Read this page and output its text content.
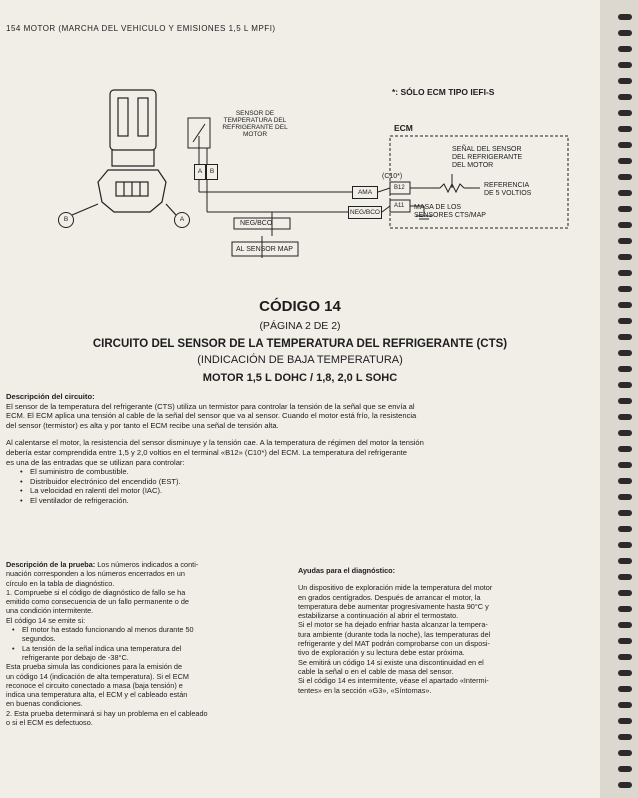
154 MOTOR (MARCHA DEL VEHICULO Y EMISIONES 1,5 L MPFI)
*: SÓLO ECM TIPO IEFI-S
SENSOR DE
TEMPERATURA DEL
REFRIGERANTE DEL
MOTOR
A	B
B	A
ECM
SEÑAL DEL SENSOR
DEL REFRIGERANTE
DEL MOTOR
REFERENCIA
DE 5 VOLTIOS
MASA DE LOS
SENSORES CTS/MAP
AMA
NEG/BCO
(C10*)
B12
A11
NEG/BCO
AL SENSOR MAP
CÓDIGO 14
(PÁGINA 2 DE 2)
CIRCUITO DEL SENSOR DE LA TEMPERATURA DEL REFRIGERANTE (CTS)
(INDICACIÓN DE BAJA TEMPERATURA)
MOTOR 1,5 L DOHC / 1,8, 2,0 L SOHC
Descripción del circuito:
El sensor de la temperatura del refrigerante (CTS) utiliza un termistor para controlar la tensión de la señal que se envía al
ECM. El ECM aplica una tensión al cable de la señal del sensor que va al sensor. Cuando el motor está frío, la resistencia
del sensor (termistor) es alta y por tanto el ECM recibe una señal de tensión alta.
Al calentarse el motor, la resistencia del sensor disminuye y la tensión cae. A la temperatura de régimen del motor la tensión
debería estar comprendida entre 1,5 y 2,0 voltios en el terminal «B12» (C10*) del ECM. La temperatura del refrigerante
es una de las entradas que se utilizan para controlar:
• El suministro de combustible.
• Distribuidor electrónico del encendido (EST).
• La velocidad en ralentí del motor (IAC).
• El ventilador de refrigeración.
Descripción de la prueba: Los números indicados a conti-
nuación corresponden a los números encerrados en un
círculo en la tabla de diagnóstico.
1. Compruebe si el código de diagnóstico de fallo se ha
emitido como consecuencia de un fallo permanente o de
una condición intermitente.
El código 14 se emite si:
• El motor ha estado funcionando al menos durante 50
segundos.
• La tensión de la señal indica una temperatura del
refrigerante por debajo de -38°C.
Esta prueba simula las condiciones para la emisión de
un código 14 (indicación de alta temperatura). Si el ECM
reconoce el circuito conectado a masa (baja tensión) e
indica una temperatura alta, el ECM y el cableado están
en buenas condiciones.
2. Esta prueba determinará si hay un problema en el cableado
o si el ECM es defectuoso.
Ayudas para el diagnóstico:
Un dispositivo de exploración mide la temperatura del motor
en grados centígrados. Después de arrancar el motor, la
temperatura debe aumentar progresivamente hasta 90°C y
estabilizarse a continuación al abrir el termostato.
Si el motor se ha dejado enfriar hasta alcanzar la tempera-
tura ambiente (durante toda la noche), las temperaturas del
refrigerante y del MAT podrán comprobarse con un disposi-
tivo de exploración y su lectura debe estar próxima.
Se emitirá un código 14 si existe una discontinuidad en el
cable la señal o en el cable de masa del sensor.
Si el código 14 es intermitente, véase el apartado «Intermi-
tentes» en la sección «G3», «Síntomas».
